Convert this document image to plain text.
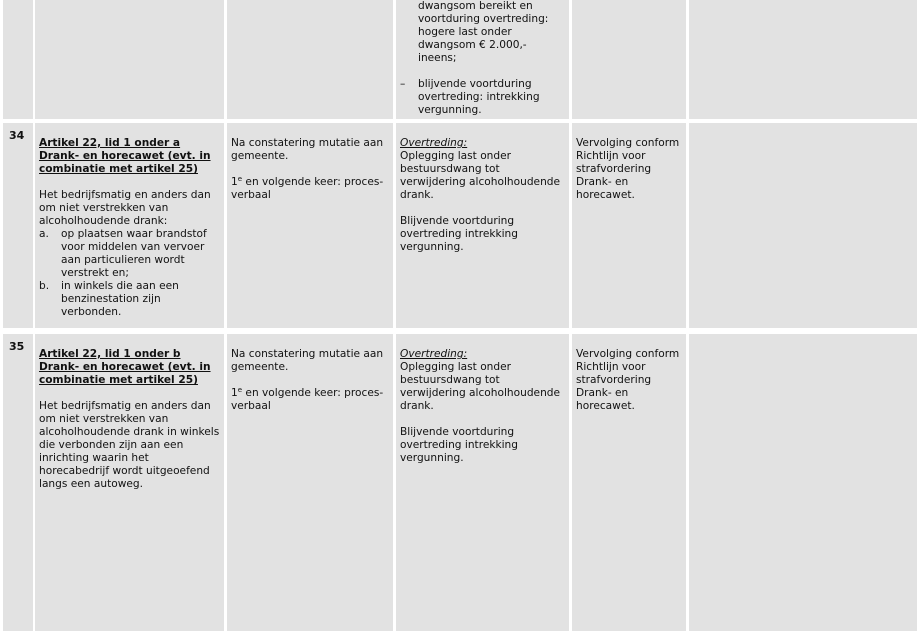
dwangsom bereikt en

voortduring overtreding:

hogere last onder

dwangsom € 2.000,-

ineens;

– blijvende voortduring

overtreding: intrekking

vergunning.

34

Artikel 22, lid 1 onder a

Drank- en horecawet (evt. in

combinatie met artikel 25)

Het bedrijfsmatig en anders dan

om niet verstrekken van

alcoholhoudende drank:

a. op plaatsen waar brandstof

voor middelen van vervoer

aan particulieren wordt

verstrekt en;

b. in winkels die aan een

benzinestation zijn

verbonden.

Na constatering mutatie aan

gemeente.

1e en volgende keer: proces-

verbaal

Overtreding:

Oplegging last onder

bestuursdwang tot

verwijdering alcoholhoudende

drank.

Blijvende voortduring

overtreding intrekking

vergunning.

Vervolging conform

Richtlijn voor

strafvordering

Drank- en

horecawet.

35

Artikel 22, lid 1 onder b

Drank- en horecawet (evt. in

combinatie met artikel 25)

Het bedrijfsmatig en anders dan

om niet verstrekken van

alcoholhoudende drank in winkels

die verbonden zijn aan een

inrichting waarin het

horecabedrijf wordt uitgeoefend

langs een autoweg.

Na constatering mutatie aan

gemeente.

1e en volgende keer: proces-

verbaal

Overtreding:

Oplegging last onder

bestuursdwang tot

verwijdering alcoholhoudende

drank.

Blijvende voortduring

overtreding intrekking

vergunning.

Vervolging conform

Richtlijn voor

strafvordering

Drank- en

horecawet.
